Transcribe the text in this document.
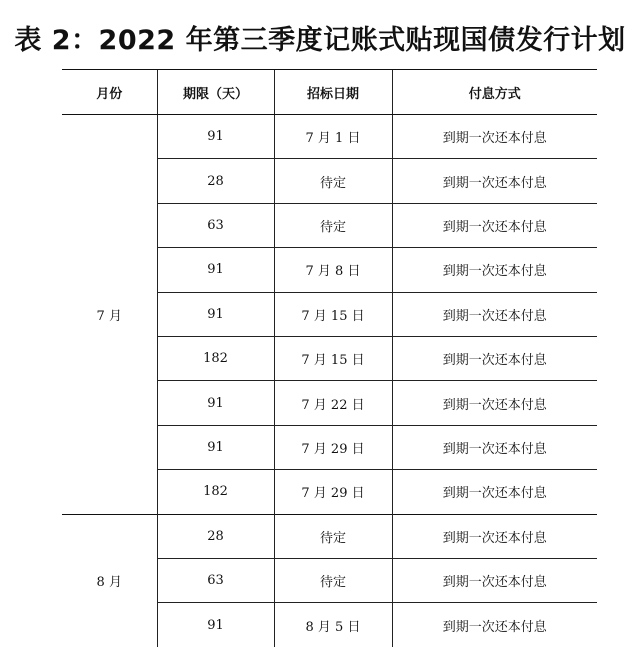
表 2：2022 年第三季度记账式贴现国债发行计划
月份	期限（天）	招标日期	付息方式
7 月	91	7 月 1 日	到期一次还本付息
	28	待定	到期一次还本付息
	63	待定	到期一次还本付息
	91	7 月 8 日	到期一次还本付息
	91	7 月 15 日	到期一次还本付息
	182	7 月 15 日	到期一次还本付息
	91	7 月 22 日	到期一次还本付息
	91	7 月 29 日	到期一次还本付息
	182	7 月 29 日	到期一次还本付息
8 月	28	待定	到期一次还本付息
	63	待定	到期一次还本付息
	91	8 月 5 日	到期一次还本付息
